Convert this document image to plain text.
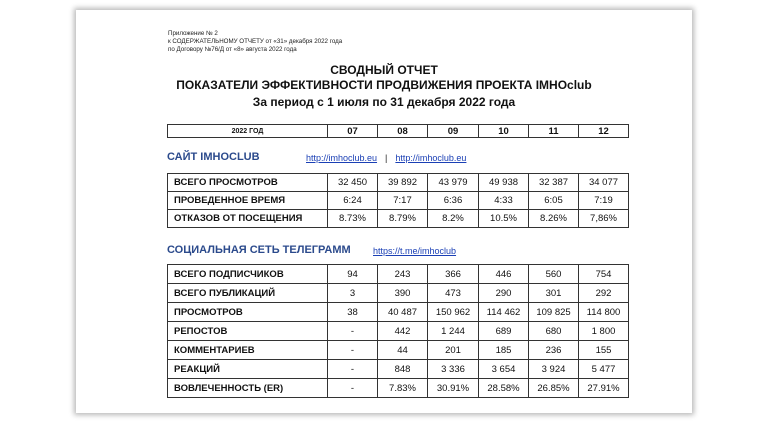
Приложение № 2
к СОДЕРЖАТЕЛЬНОМУ ОТЧЕТУ от «31» декабря 2022 года
по Договору №76/Д от «8» августа 2022 года
СВОДНЫЙ ОТЧЕТ
ПОКАЗАТЕЛИ ЭФФЕКТИВНОСТИ ПРОДВИЖЕНИЯ ПРОЕКТА IMHOclub
За период с 1 июля по 31 декабря 2022 года
2022 ГОД	07	08	09	10	11	12
САЙТ IMHOCLUB	http://imhoclub.eu | http://imhoclub.eu
ВСЕГО ПРОСМОТРОВ	32 450	39 892	43 979	49 938	32 387	34 077
ПРОВЕДЕННОЕ ВРЕМЯ	6:24	7:17	6:36	4:33	6:05	7:19
ОТКАЗОВ ОТ ПОСЕЩЕНИЯ	8.73%	8.79%	8.2%	10.5%	8.26%	7,86%
СОЦИАЛЬНАЯ СЕТЬ ТЕЛЕГРАММ https://t.me/imhoclub
ВСЕГО ПОДПИСЧИКОВ	94	243	366	446	560	754
ВСЕГО ПУБЛИКАЦИЙ	3	390	473	290	301	292
ПРОСМОТРОВ	38	40 487	150 962	114 462	109 825	114 800
РЕПОСТОВ	-	442	1 244	689	680	1 800
КОММЕНТАРИЕВ	-	44	201	185	236	155
РЕАКЦИЙ	-	848	3 336	3 654	3 924	5 477
ВОВЛЕЧЕННОСТЬ (ER)	-	7.83%	30.91%	28.58%	26.85%	27.91%
